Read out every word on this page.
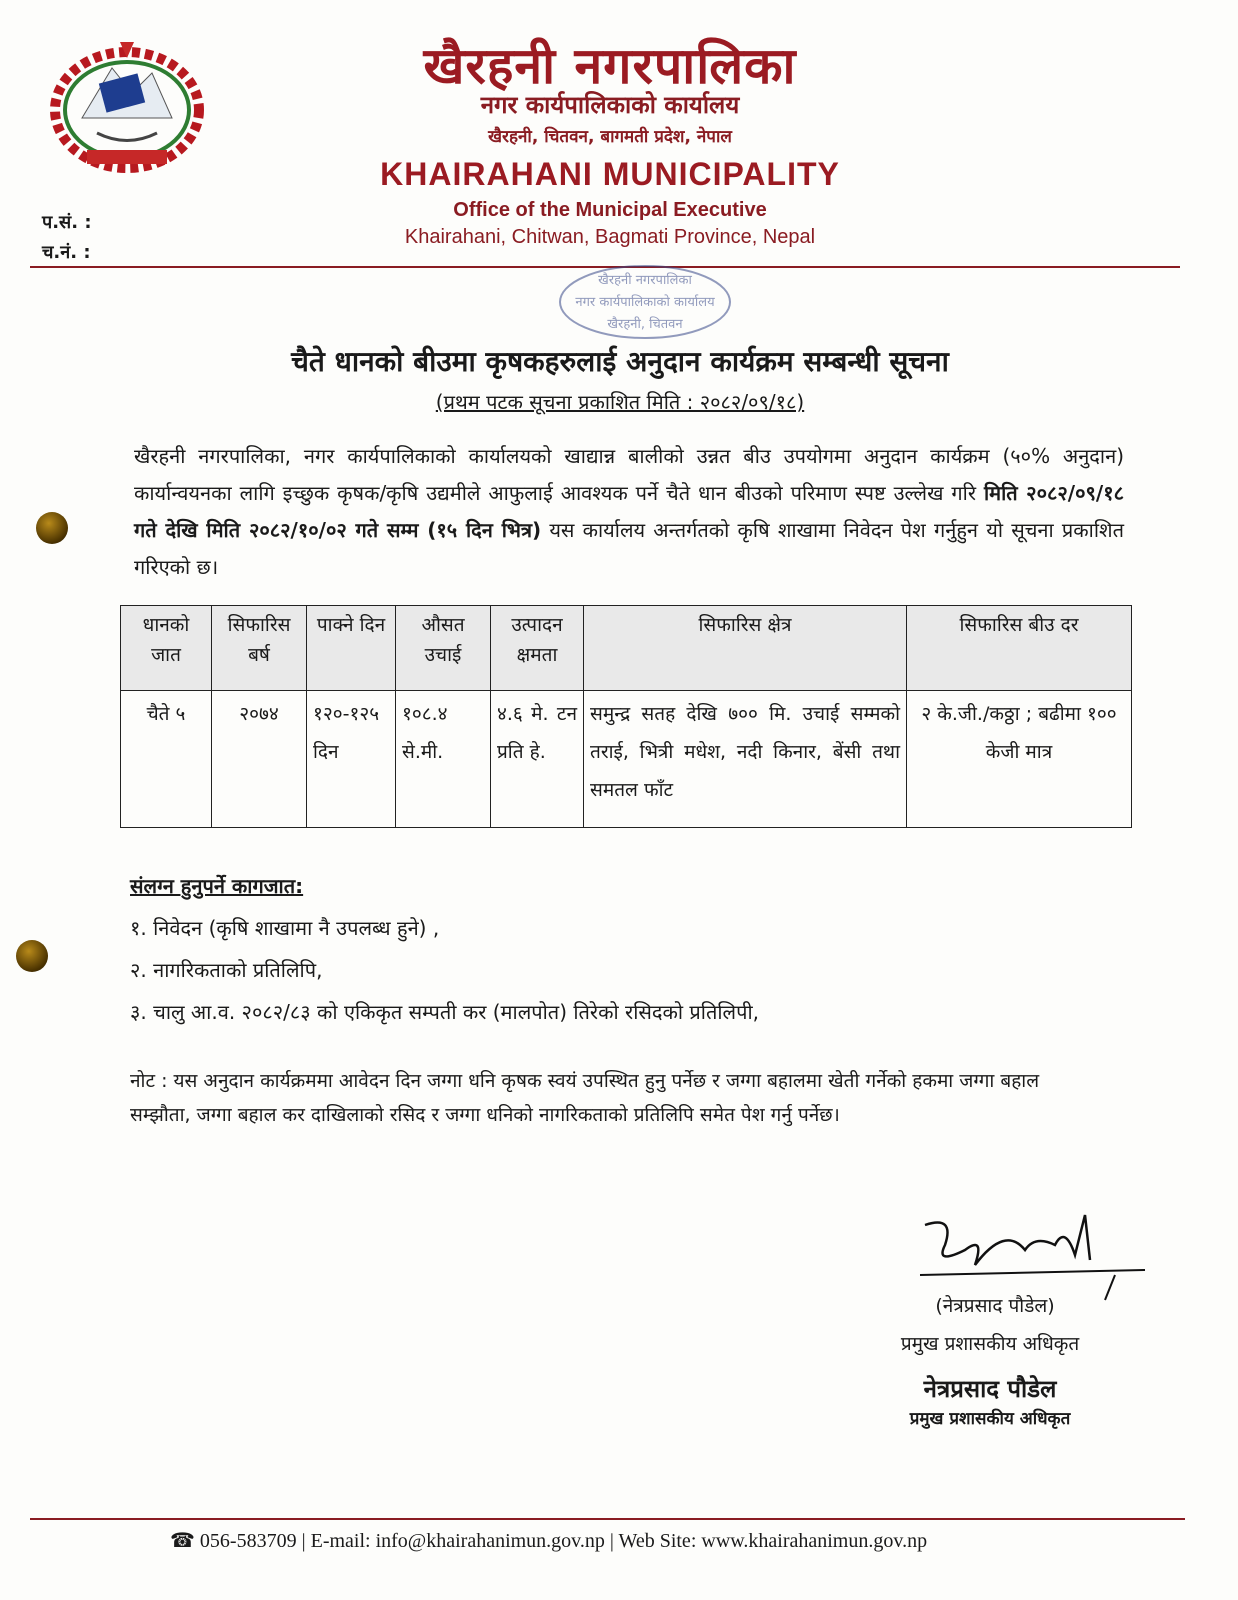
खैरहनी नगरपालिका
नगर कार्यपालिकाको कार्यालय
खैरहनी, चितवन, बागमती प्रदेश, नेपाल
KHAIRAHANI MUNICIPALITY
Office of the Municipal Executive
Khairahani, Chitwan, Bagmati Province, Nepal
प.सं. :
च.नं. :
खैरहनी नगरपालिका
नगर कार्यपालिकाको कार्यालय
खैरहनी, चितवन
चैते धानको बीउमा कृषकहरुलाई अनुदान कार्यक्रम सम्बन्धी सूचना
(प्रथम पटक सूचना प्रकाशित मिति : २०८२/०९/१८)
खैरहनी नगरपालिका, नगर कार्यपालिकाको कार्यालयको खाद्यान्न बालीको उन्नत बीउ उपयोगमा अनुदान कार्यक्रम (५०% अनुदान) कार्यान्वयनका लागि इच्छुक कृषक/कृषि उद्यमीले आफुलाई आवश्यक पर्ने चैते धान बीउको परिमाण स्पष्ट उल्लेख गरि मिति २०८२/०९/१८ गते देखि मिति २०८२/१०/०२ गते सम्म (१५ दिन भित्र) यस कार्यालय अन्तर्गतको कृषि शाखामा निवेदन पेश गर्नुहुन यो सूचना प्रकाशित गरिएको छ।
धानको जात	सिफारिस बर्ष	पाक्ने दिन	औसत उचाई	उत्पादन क्षमता	सिफारिस क्षेत्र	सिफारिस बीउ दर
चैते ५	२०७४	१२०-१२५ दिन	१०८.४ से.मी.	४.६ मे. टन प्रति हे.	समुन्द्र सतह देखि ७०० मि. उचाई सम्मको तराई, भित्री मधेश, नदी किनार, बेंसी तथा समतल फाँट	२ के.जी./कठ्ठा ; बढीमा १०० केजी मात्र
संलग्न हुनुपर्ने कागजात:
१. निवेदन (कृषि शाखामा नै उपलब्ध हुने) ,
२. नागरिकताको प्रतिलिपि,
३. चालु आ.व. २०८२/८३ को एकिकृत सम्पती कर (मालपोत) तिरेको रसिदको प्रतिलिपी,
नोट : यस अनुदान कार्यक्रममा आवेदन दिन जग्गा धनि कृषक स्वयं उपस्थित हुनु पर्नेछ र जग्गा बहालमा खेती गर्नेको हकमा जग्गा बहाल सम्झौता, जग्गा बहाल कर दाखिलाको रसिद र जग्गा धनिको नागरिकताको प्रतिलिपि समेत पेश गर्नु पर्नेछ।
(नेत्रप्रसाद पौडेल)
प्रमुख प्रशासकीय अधिकृत
नेत्रप्रसाद पौडेल
प्रमुख प्रशासकीय अधिकृत
☎ 056-583709 | E-mail: info@khairahanimun.gov.np | Web Site: www.khairahanimun.gov.np
